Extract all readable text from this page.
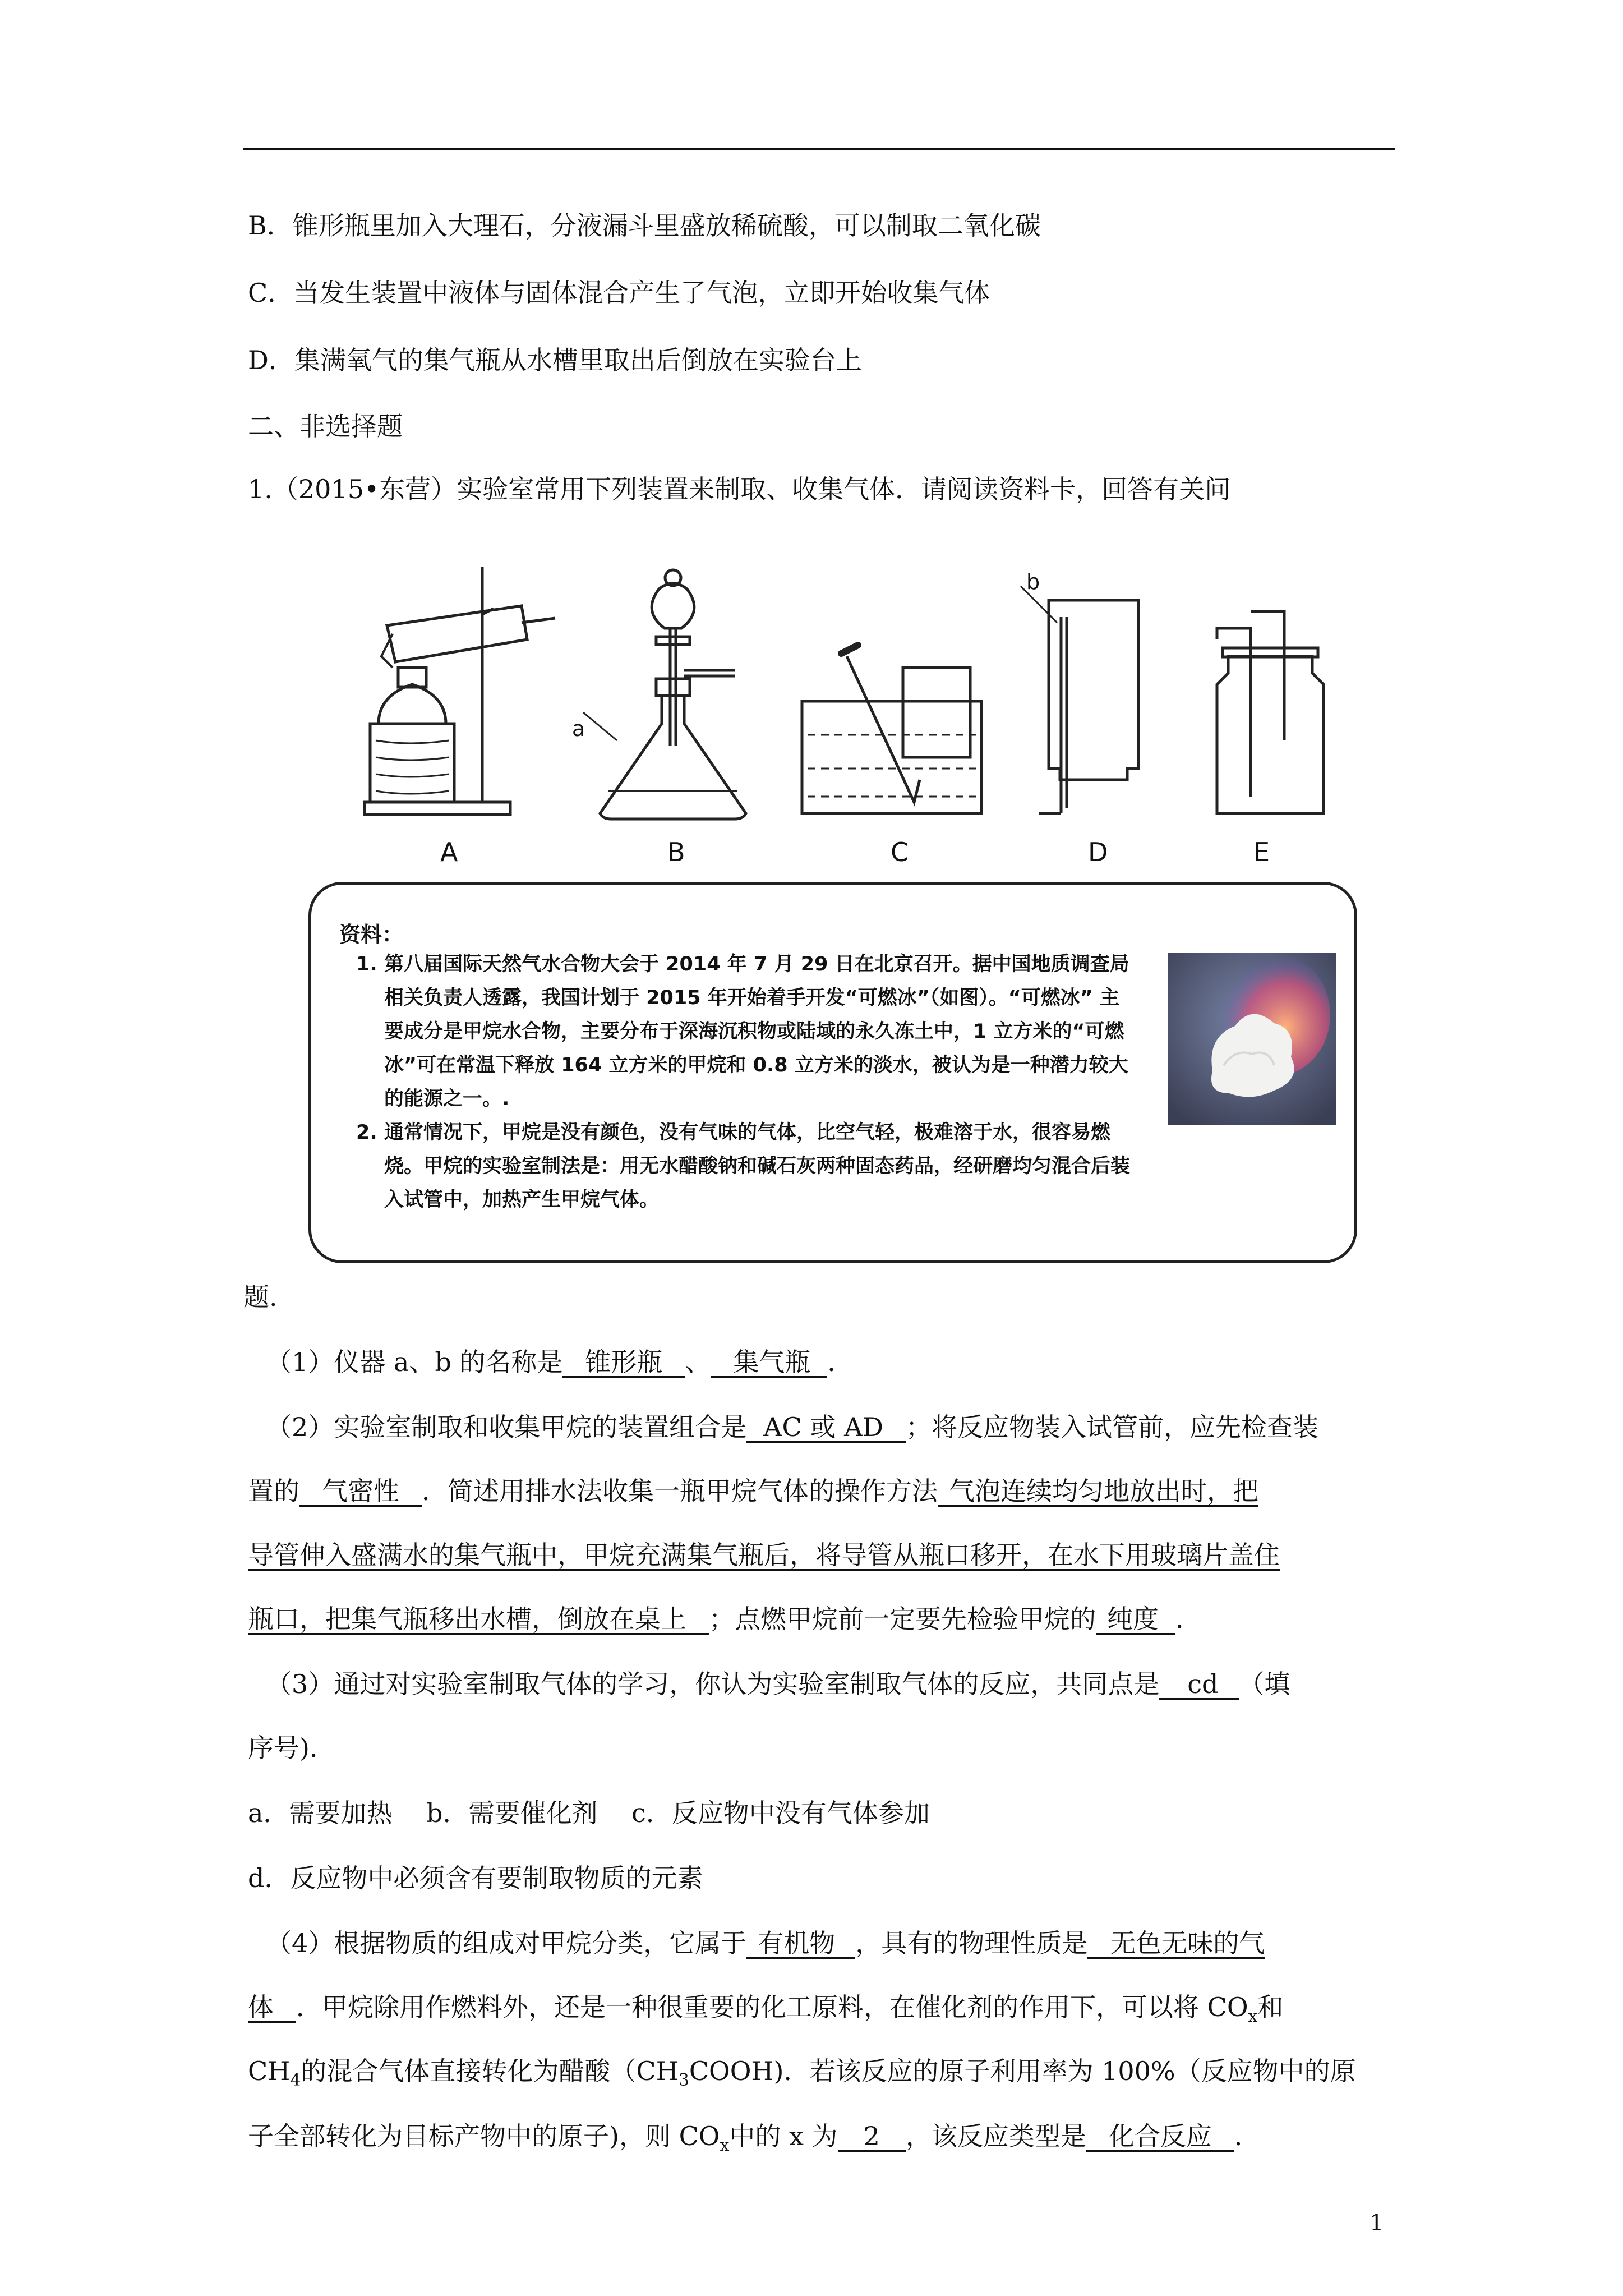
B．锥形瓶里加入大理石，分液漏斗里盛放稀硫酸，可以制取二氧化碳
C．当发生装置中液体与固体混合产生了气泡，立即开始收集气体
D．集满氧气的集气瓶从水槽里取出后倒放在实验台上
二、非选择题
1.（2015•东营）实验室常用下列装置来制取、收集气体．请阅读资料卡，回答有关问
A	B	C	D	E
a
b
资料：
1. 第八届国际天然气水合物大会于 2014 年 7 月 29 日在北京召开。据中国地质调查局相关负责人透露，我国计划于 2015 年开始着手开发“可燃冰”（如图）。“可燃冰” 主要成分是甲烷水合物，主要分布于深海沉积物或陆域的永久冻土中，1 立方米的“可燃冰”可在常温下释放 164 立方米的甲烷和 0.8 立方米的淡水，被认为是一种潜力较大的能源之一。.
2. 通常情况下，甲烷是没有颜色，没有气味的气体，比空气轻，极难溶于水，很容易燃烧。甲烷的实验室制法是：用无水醋酸钠和碱石灰两种固态药品，经研磨均匀混合后装入试管中，加热产生甲烷气体。
题.
（1）仪器 a、b 的名称是 锥形瓶 、 集气瓶 ．
（2）实验室制取和收集甲烷的装置组合是 AC 或 AD ；将反应物装入试管前，应先检查装
置的 气密性 ．简述用排水法收集一瓶甲烷气体的操作方法 气泡连续均匀地放出时，把
导管伸入盛满水的集气瓶中，甲烷充满集气瓶后，将导管从瓶口移开，在水下用玻璃片盖住
瓶口，把集气瓶移出水槽，倒放在桌上 ；点燃甲烷前一定要先检验甲烷的 纯度 ．
（3）通过对实验室制取气体的学习，你认为实验室制取气体的反应，共同点是 cd （填
序号)．
a．需要加热　 b．需要催化剂　 c．反应物中没有气体参加
d．反应物中必须含有要制取物质的元素
（4）根据物质的组成对甲烷分类，它属于 有机物 ，具有的物理性质是 无色无味的气
体 ．甲烷除用作燃料外，还是一种很重要的化工原料，在催化剂的作用下，可以将 $CO_x$和
$CH_4$的混合气体直接转化为醋酸$(CH_3COOH)$．若该反应的原子利用率为 100%（反应物中的原
子全部转化为目标产物中的原子)，则 $CO_x$中的 x 为 2 ，该反应类型是 化合反应 ．
1
